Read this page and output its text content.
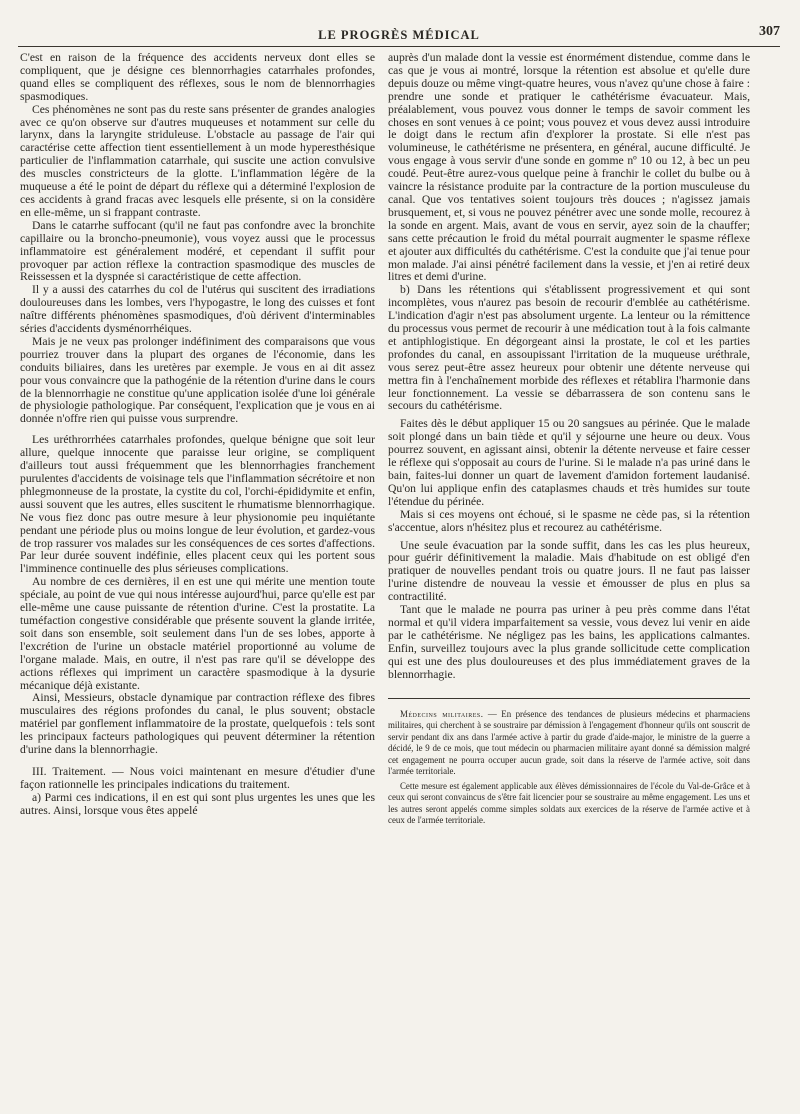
LE PROGRÈS MÉDICAL	307

C'est en raison de la fréquence des accidents nerveux dont elles se compliquent, que je désigne ces blennorrhagies catarrhales profondes, quand elles se compliquent des réflexes, sous le nom de blennorrhagies spasmodiques.

Ces phénomènes ne sont pas du reste sans présenter de grandes analogies avec ce qu'on observe sur d'autres muqueuses et notamment sur celle du larynx, dans la laryngite striduleuse. L'obstacle au passage de l'air qui caractérise cette affection tient essentiellement à un mode hyperesthésique particulier de l'inflammation catarrhale, qui suscite une action convulsive des muscles constricteurs de la glotte. L'inflammation légère de la muqueuse a été le point de départ du réflexe qui a déterminé l'explosion de ces accidents à grand fracas avec lesquels elle présente, si on la considère en elle-même, un si frappant contraste.

Dans le catarrhe suffocant (qu'il ne faut pas confondre avec la bronchite capillaire ou la broncho-pneumonie), vous voyez aussi que le processus inflammatoire est généralement modéré, et cependant il suffit pour provoquer par action réflexe la contraction spasmodique des muscles de Reissessen et la dyspnée si caractéristique de cette affection.

Il y a aussi des catarrhes du col de l'utérus qui suscitent des irradiations douloureuses dans les lombes, vers l'hypogastre, le long des cuisses et font naître différents phénomènes spasmodiques, d'où dérivent d'interminables séries d'accidents dysménorrhéiques.

Mais je ne veux pas prolonger indéfiniment des comparaisons que vous pourriez trouver dans la plupart des organes de l'économie, dans les conduits biliaires, dans les uretères par exemple. Je vous en ai dit assez pour vous convaincre que la pathogénie de la rétention d'urine dans le cours de la blennorrhagie ne constitue qu'une application isolée d'une loi générale de physiologie pathologique. Par conséquent, l'explication que je vous en ai donnée n'offre rien qui puisse vous surprendre.

Les uréthrorrhées catarrhales profondes, quelque bénigne que soit leur allure, quelque innocente que paraisse leur origine, se compliquent d'ailleurs tout aussi fréquemment que les blennorrhagies franchement purulentes d'accidents de voisinage tels que l'inflammation sécrétoire et non phlegmonneuse de la prostate, la cystite du col, l'orchi-épididymite et enfin, aussi souvent que les autres, elles suscitent le rhumatisme blennorrhagique. Ne vous fiez donc pas outre mesure à leur physionomie peu inquiétante pendant une période plus ou moins longue de leur évolution, et gardez-vous de trop rassurer vos malades sur les conséquences de ces sortes d'affections. Par leur durée souvent indéfinie, elles placent ceux qui les portent sous l'imminence continuelle des plus sérieuses complications.

Au nombre de ces dernières, il en est une qui mérite une mention toute spéciale, au point de vue qui nous intéresse aujourd'hui, parce qu'elle est par elle-même une cause puissante de rétention d'urine. C'est la prostatite. La tuméfaction congestive considérable que présente souvent la glande irritée, soit dans son ensemble, soit seulement dans l'un de ses lobes, apporte à l'excrétion de l'urine un obstacle matériel proportionné au volume de l'organe malade. Mais, en outre, il n'est pas rare qu'il se développe des actions réflexes qui impriment un caractère spasmodique à la dysurie mécanique déjà existante.

Ainsi, Messieurs, obstacle dynamique par contraction réflexe des fibres musculaires des régions profondes du canal, le plus souvent; obstacle matériel par gonflement inflammatoire de la prostate, quelquefois : tels sont les principaux facteurs pathologiques qui peuvent déterminer la rétention d'urine dans la blennorrhagie.

III. Traitement. — Nous voici maintenant en mesure d'étudier d'une façon rationnelle les principales indications du traitement.

a) Parmi ces indications, il en est qui sont plus urgentes les unes que les autres. Ainsi, lorsque vous êtes appelé

auprès d'un malade dont la vessie est énormément distendue, comme dans le cas que je vous ai montré, lorsque la rétention est absolue et qu'elle dure depuis douze ou même vingt-quatre heures, vous n'avez qu'une chose à faire : prendre une sonde et pratiquer le cathétérisme évacuateur. Mais, préalablement, vous pouvez vous donner le temps de savoir comment les choses en sont venues à ce point; vous pouvez et vous devez aussi introduire le doigt dans le rectum afin d'explorer la prostate. Si elle n'est pas volumineuse, le cathétérisme ne présentera, en général, aucune difficulté. Je vous engage à vous servir d'une sonde en gomme nº 10 ou 12, à bec un peu coudé. Peut-être aurez-vous quelque peine à franchir le collet du bulbe ou à vaincre la résistance produite par la contracture de la portion musculeuse du canal. Que vos tentatives soient toujours très douces ; n'agissez jamais brusquement, et, si vous ne pouvez pénétrer avec une sonde molle, recourez à la sonde en argent. Mais, avant de vous en servir, ayez soin de la chauffer; sans cette précaution le froid du métal pourrait augmenter le spasme réflexe et ajouter aux difficultés du cathétérisme. C'est la conduite que j'ai tenue pour mon malade. J'ai ainsi pénétré facilement dans la vessie, et j'en ai retiré deux litres et demi d'urine.

b) Dans les rétentions qui s'établissent progressivement et qui sont incomplètes, vous n'aurez pas besoin de recourir d'emblée au cathétérisme. L'indication d'agir n'est pas absolument urgente. La lenteur ou la rémittence du processus vous permet de recourir à une médication tout à la fois calmante et antiphlogistique. En dégorgeant ainsi la prostate, le col et les parties profondes du canal, en assoupissant l'irritation de la muqueuse uréthrale, vous serez peut-être assez heureux pour obtenir une détente nerveuse qui mettra fin à l'enchaînement morbide des réflexes et rétablira l'harmonie dans leur fonctionnement. La vessie se débarrassera de son contenu sans le secours du cathétérisme.

Faites dès le début appliquer 15 ou 20 sangsues au périnée. Que le malade soit plongé dans un bain tiède et qu'il y séjourne une heure ou deux. Vous pourrez souvent, en agissant ainsi, obtenir la détente nerveuse et faire cesser le réflexe qui s'opposait au cours de l'urine. Si le malade n'a pas uriné dans le bain, faites-lui donner un quart de lavement d'amidon fortement laudanisé. Qu'on lui applique enfin des cataplasmes chauds et très humides sur toute l'étendue du périnée.

Mais si ces moyens ont échoué, si le spasme ne cède pas, si la rétention s'accentue, alors n'hésitez plus et recourez au cathétérisme.

Une seule évacuation par la sonde suffit, dans les cas les plus heureux, pour guérir définitivement la maladie. Mais d'habitude on est obligé d'en pratiquer de nouvelles pendant trois ou quatre jours. Il ne faut pas laisser l'urine distendre de nouveau la vessie et émousser de plus en plus sa contractilité.

Tant que le malade ne pourra pas uriner à peu près comme dans l'état normal et qu'il videra imparfaitement sa vessie, vous devez lui venir en aide par le cathétérisme. Ne négligez pas les bains, les applications calmantes. Enfin, surveillez toujours avec la plus grande sollicitude cette complication qui est une des plus douloureuses et des plus immédiatement graves de la blennorrhagie.

Médecins militaires. — En présence des tendances de plusieurs médecins et pharmaciens militaires, qui cherchent à se soustraire par démission à l'engagement d'honneur qu'ils ont souscrit de servir pendant dix ans dans l'armée active à partir du grade d'aide-major, le ministre de la guerre a décidé, le 9 de ce mois, que tout médecin ou pharmacien militaire ayant donné sa démission malgré cet engagement ne pourra occuper aucun grade, soit dans la réserve de l'armée active, soit dans l'armée territoriale.

Cette mesure est également applicable aux élèves démissionnaires de l'école du Val-de-Grâce et à ceux qui seront convaincus de s'être fait licencier pour se soustraire au même engagement. Les uns et les autres seront appelés comme simples soldats aux exercices de la réserve de l'armée active et à ceux de l'armée territoriale.
